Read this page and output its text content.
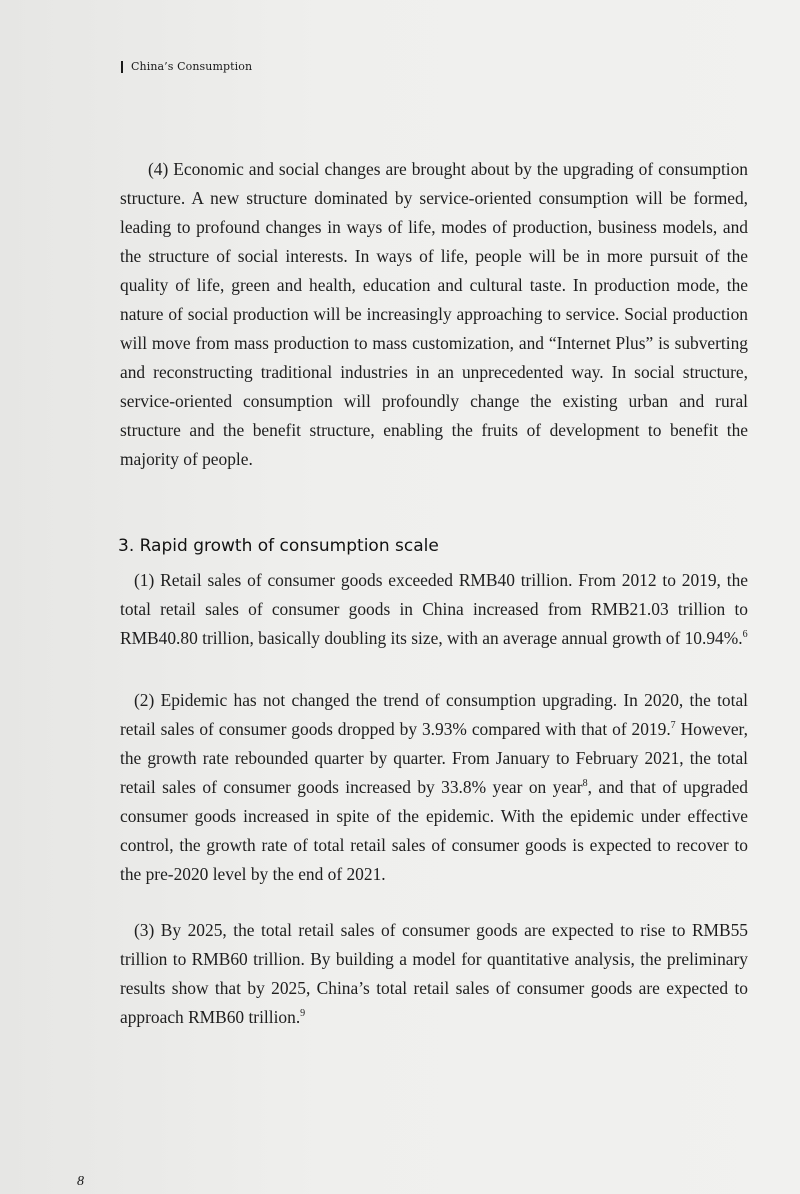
China’s Consumption

(4) Economic and social changes are brought about by the upgrading of consumption structure. A new structure dominated by service-oriented consumption will be formed, leading to profound changes in ways of life, modes of production, business models, and the structure of social interests. In ways of life, people will be in more pursuit of the quality of life, green and health, education and cultural taste. In production mode, the nature of social production will be increasingly approaching to service. Social production will move from mass production to mass customization, and “Internet Plus” is subverting and reconstructing traditional industries in an unprecedented way. In social structure, service-oriented consumption will profoundly change the existing urban and rural structure and the benefit structure, enabling the fruits of development to benefit the majority of people.

3. Rapid growth of consumption scale

(1) Retail sales of consumer goods exceeded RMB40 trillion. From 2012 to 2019, the total retail sales of consumer goods in China increased from RMB21.03 trillion to RMB40.80 trillion, basically doubling its size, with an average annual growth of 10.94%.$^6$

(2) Epidemic has not changed the trend of consumption upgrading. In 2020, the total retail sales of consumer goods dropped by 3.93% compared with that of 2019.$^7$ However, the growth rate rebounded quarter by quarter. From January to February 2021, the total retail sales of consumer goods increased by 33.8% year on year$^8$, and that of upgraded consumer goods increased in spite of the epidemic. With the epidemic under effective control, the growth rate of total retail sales of consumer goods is expected to recover to the pre-2020 level by the end of 2021.

(3) By 2025, the total retail sales of consumer goods are expected to rise to RMB55 trillion to RMB60 trillion. By building a model for quantitative analysis, the preliminary results show that by 2025, China’s total retail sales of consumer goods are expected to approach RMB60 trillion.$^9$

8
